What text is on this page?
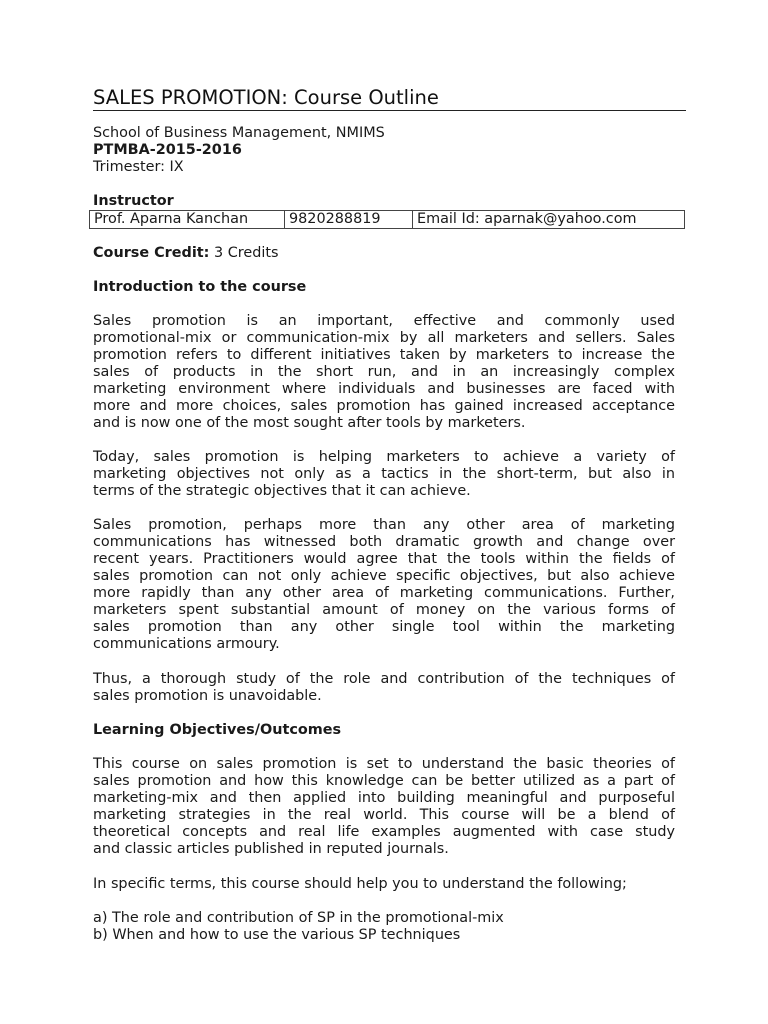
SALES PROMOTION: Course Outline
School of Business Management, NMIMS
PTMBA-2015-2016
Trimester: IX
Instructor
Prof. Aparna Kanchan	9820288819	Email Id: aparnak@yahoo.com
Course Credit: 3 Credits
Introduction to the course
Sales promotion is an important, effective and commonly used
promotional-mix or communication-mix by all marketers and sellers. Sales
promotion refers to different initiatives taken by marketers to increase the
sales of products in the short run, and in an increasingly complex
marketing environment where individuals and businesses are faced with
more and more choices, sales promotion has gained increased acceptance
and is now one of the most sought after tools by marketers.
Today, sales promotion is helping marketers to achieve a variety of
marketing objectives not only as a tactics in the short-term, but also in
terms of the strategic objectives that it can achieve.
Sales promotion, perhaps more than any other area of marketing
communications has witnessed both dramatic growth and change over
recent years. Practitioners would agree that the tools within the fields of
sales promotion can not only achieve specific objectives, but also achieve
more rapidly than any other area of marketing communications. Further,
marketers spent substantial amount of money on the various forms of
sales promotion than any other single tool within the marketing
communications armoury.
Thus, a thorough study of the role and contribution of the techniques of
sales promotion is unavoidable.
Learning Objectives/Outcomes
This course on sales promotion is set to understand the basic theories of
sales promotion and how this knowledge can be better utilized as a part of
marketing-mix and then applied into building meaningful and purposeful
marketing strategies in the real world. This course will be a blend of
theoretical concepts and real life examples augmented with case study
and classic articles published in reputed journals.
In specific terms, this course should help you to understand the following;
a) The role and contribution of SP in the promotional-mix
b) When and how to use the various SP techniques
